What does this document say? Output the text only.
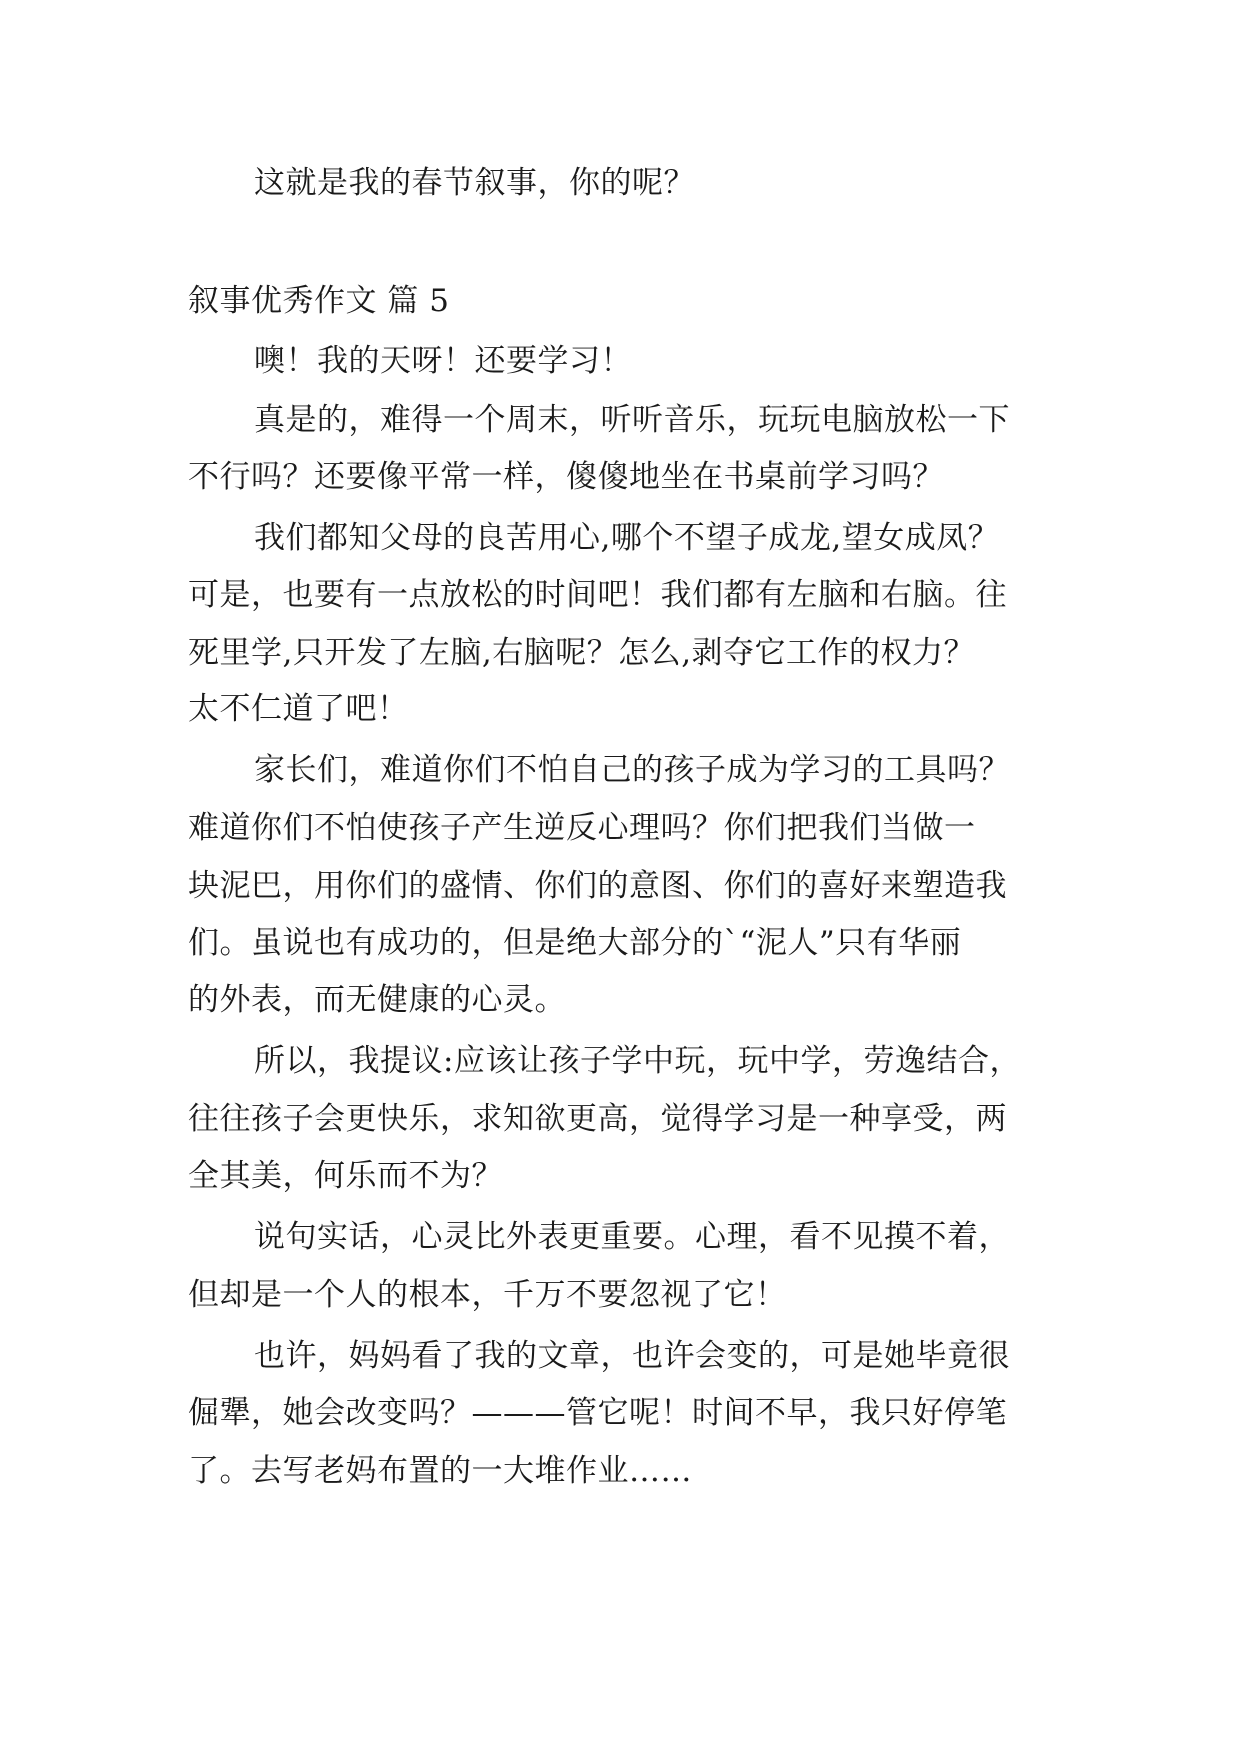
这就是我的春节叙事，你的呢？
叙事优秀作文 篇 5
噢！我的天呀！还要学习！
真是的，难得一个周末，听听音乐，玩玩电脑放松一下
不行吗？还要像平常一样，傻傻地坐在书桌前学习吗？
我们都知父母的良苦用心,哪个不望子成龙,望女成凤？
可是，也要有一点放松的时间吧！我们都有左脑和右脑。往
死里学,只开发了左脑,右脑呢？怎么,剥夺它工作的权力？
太不仁道了吧！
家长们，难道你们不怕自己的孩子成为学习的工具吗？
难道你们不怕使孩子产生逆反心理吗？你们把我们当做一
块泥巴，用你们的盛情、你们的意图、你们的喜好来塑造我
们。虽说也有成功的，但是绝大部分的`“泥人”只有华丽
的外表，而无健康的心灵。
所以，我提议:应该让孩子学中玩，玩中学，劳逸结合，
往往孩子会更快乐，求知欲更高，觉得学习是一种享受，两
全其美，何乐而不为？
说句实话，心灵比外表更重要。心理，看不见摸不着，
但却是一个人的根本，千万不要忽视了它！
也许，妈妈看了我的文章，也许会变的，可是她毕竟很
倔犟，她会改变吗？———管它呢！时间不早，我只好停笔
了。去写老妈布置的一大堆作业……
